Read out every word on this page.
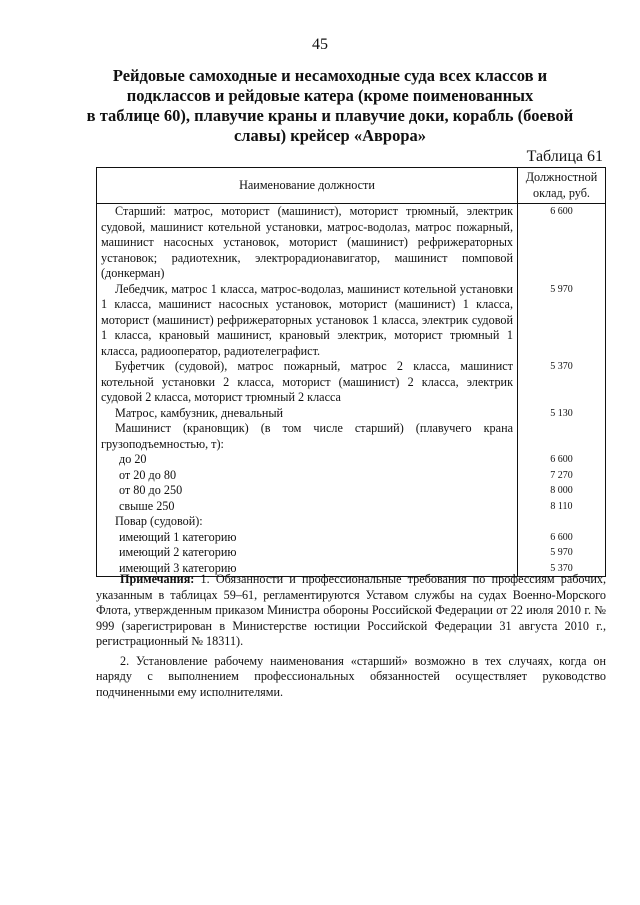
45
Рейдовые самоходные и несамоходные суда всех классов и
подклассов и рейдовые катера (кроме поименованных
в таблице 60), плавучие краны и плавучие доки, корабль (боевой
славы) крейсер «Аврора»
Таблица 61
Наименование должности	Должностной оклад, руб.
Старший: матрос, моторист (машинист), моторист трюмный, электрик судовой, машинист котельной установки, матрос-водолаз, матрос пожарный, машинист насосных установок, моторист (машинист) рефрижераторных установок; радиотехник, электрорадионавигатор, машинист помповой (донкерман)	6 600
Лебедчик, матрос 1 класса, матрос-водолаз, машинист котельной установки 1 класса, машинист насосных установок, моторист (машинист) 1 класса, моторист (машинист) рефрижераторных установок 1 класса, электрик судовой 1 класса, крановый машинист, крановый электрик, моторист трюмный 1 класса, радиооператор, радиотелеграфист.	5 970
Буфетчик (судовой), матрос пожарный, матрос 2 класса, машинист котельной установки 2 класса, моторист (машинист) 2 класса, электрик судовой 2 класса, моторист трюмный 2 класса	5 370
Матрос, камбузник, дневальный	5 130
Машинист (крановщик) (в том числе старший) (плавучего крана грузоподъемностью, т):	
до 20	6 600
от 20 до 80	7 270
от 80 до 250	8 000
свыше 250	8 110
Повар (судовой):	
имеющий 1 категорию	6 600
имеющий 2 категорию	5 970
имеющий 3 категорию	5 370

Примечания: 1. Обязанности и профессиональные требования по профессиям рабочих, указанным в таблицах 59–61, регламентируются Уставом службы на судах Военно-Морского Флота, утвержденным приказом Министра обороны Российской Федерации от 22 июля 2010 г. № 999 (зарегистрирован в Министерстве юстиции Российской Федерации 31 августа 2010 г., регистрационный № 18311).

2. Установление рабочему наименования «старший» возможно в тех случаях, когда он наряду с выполнением профессиональных обязанностей осуществляет руководство подчиненными ему исполнителями.
